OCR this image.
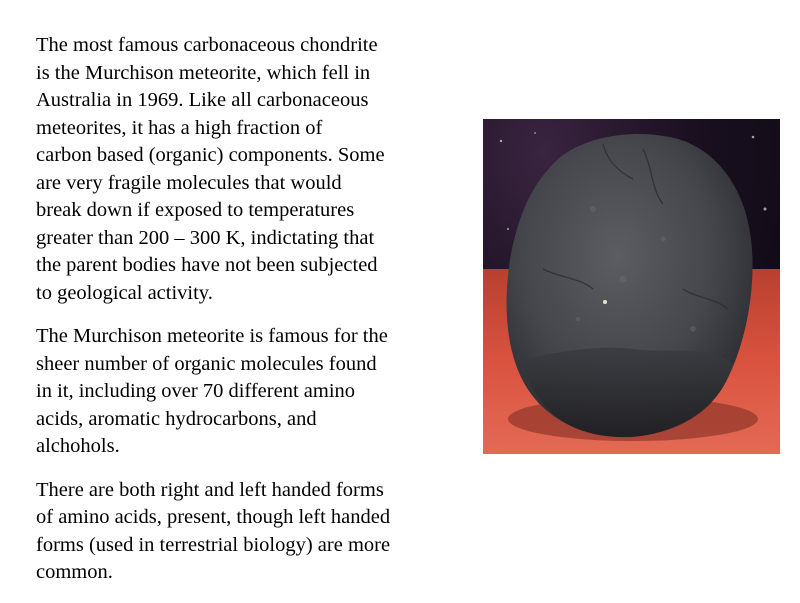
The most famous carbonaceous chondrite
is the Murchison meteorite, which fell in
Australia in 1969. Like all carbonaceous
meteorites, it has a high fraction of
carbon based (organic) components. Some
are very fragile molecules that would
break down if exposed to temperatures
greater than 200 – 300 K, indictating that
the parent bodies have not been subjected
to geological activity.

The Murchison meteorite is famous for the
sheer number of organic molecules found
in it, including over 70 different amino
acids, aromatic hydrocarbons, and
alchohols.

There are both right and left handed forms
of amino acids, present, though left handed
forms (used in terrestrial biology) are more
common.
